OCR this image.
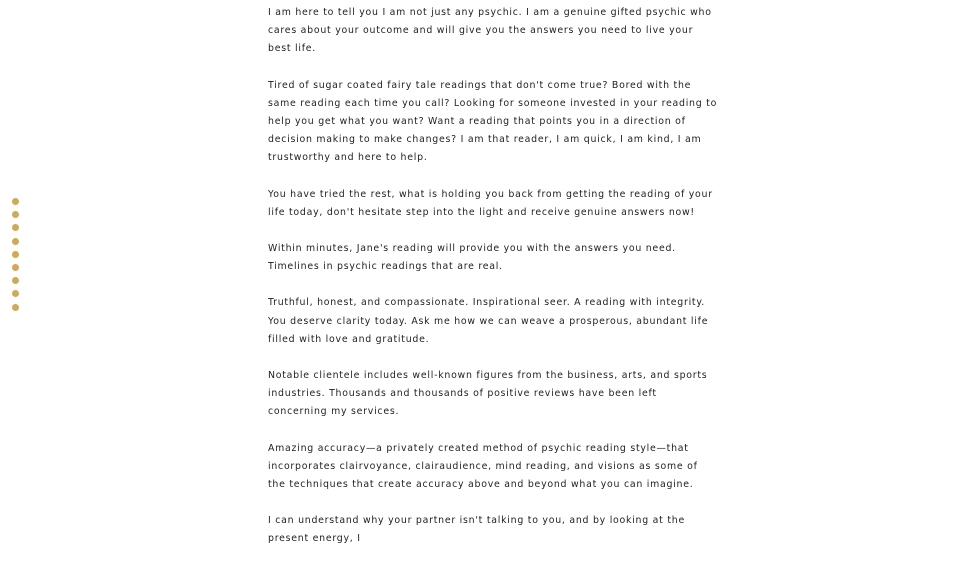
I am here to tell you I am not just any psychic. I am a genuine gifted psychic who cares about your outcome and will give you the answers you need to live your best life.

Tired of sugar coated fairy tale readings that don't come true? Bored with the same reading each time you call? Looking for someone invested in your reading to help you get what you want? Want a reading that points you in a direction of decision making to make changes? I am that reader, I am quick, I am kind, I am trustworthy and here to help.

You have tried the rest, what is holding you back from getting the reading of your life today, don't hesitate step into the light and receive genuine answers now!

Within minutes, Jane's reading will provide you with the answers you need. Timelines in psychic readings that are real.

Truthful, honest, and compassionate. Inspirational seer. A reading with integrity. You deserve clarity today. Ask me how we can weave a prosperous, abundant life filled with love and gratitude.

Notable clientele includes well-known figures from the business, arts, and sports industries. Thousands and thousands of positive reviews have been left concerning my services.

Amazing accuracy—a privately created method of psychic reading style—that incorporates clairvoyance, clairaudience, mind reading, and visions as some of the techniques that create accuracy above and beyond what you can imagine.

I can understand why your partner isn't talking to you, and by looking at the present energy, I
